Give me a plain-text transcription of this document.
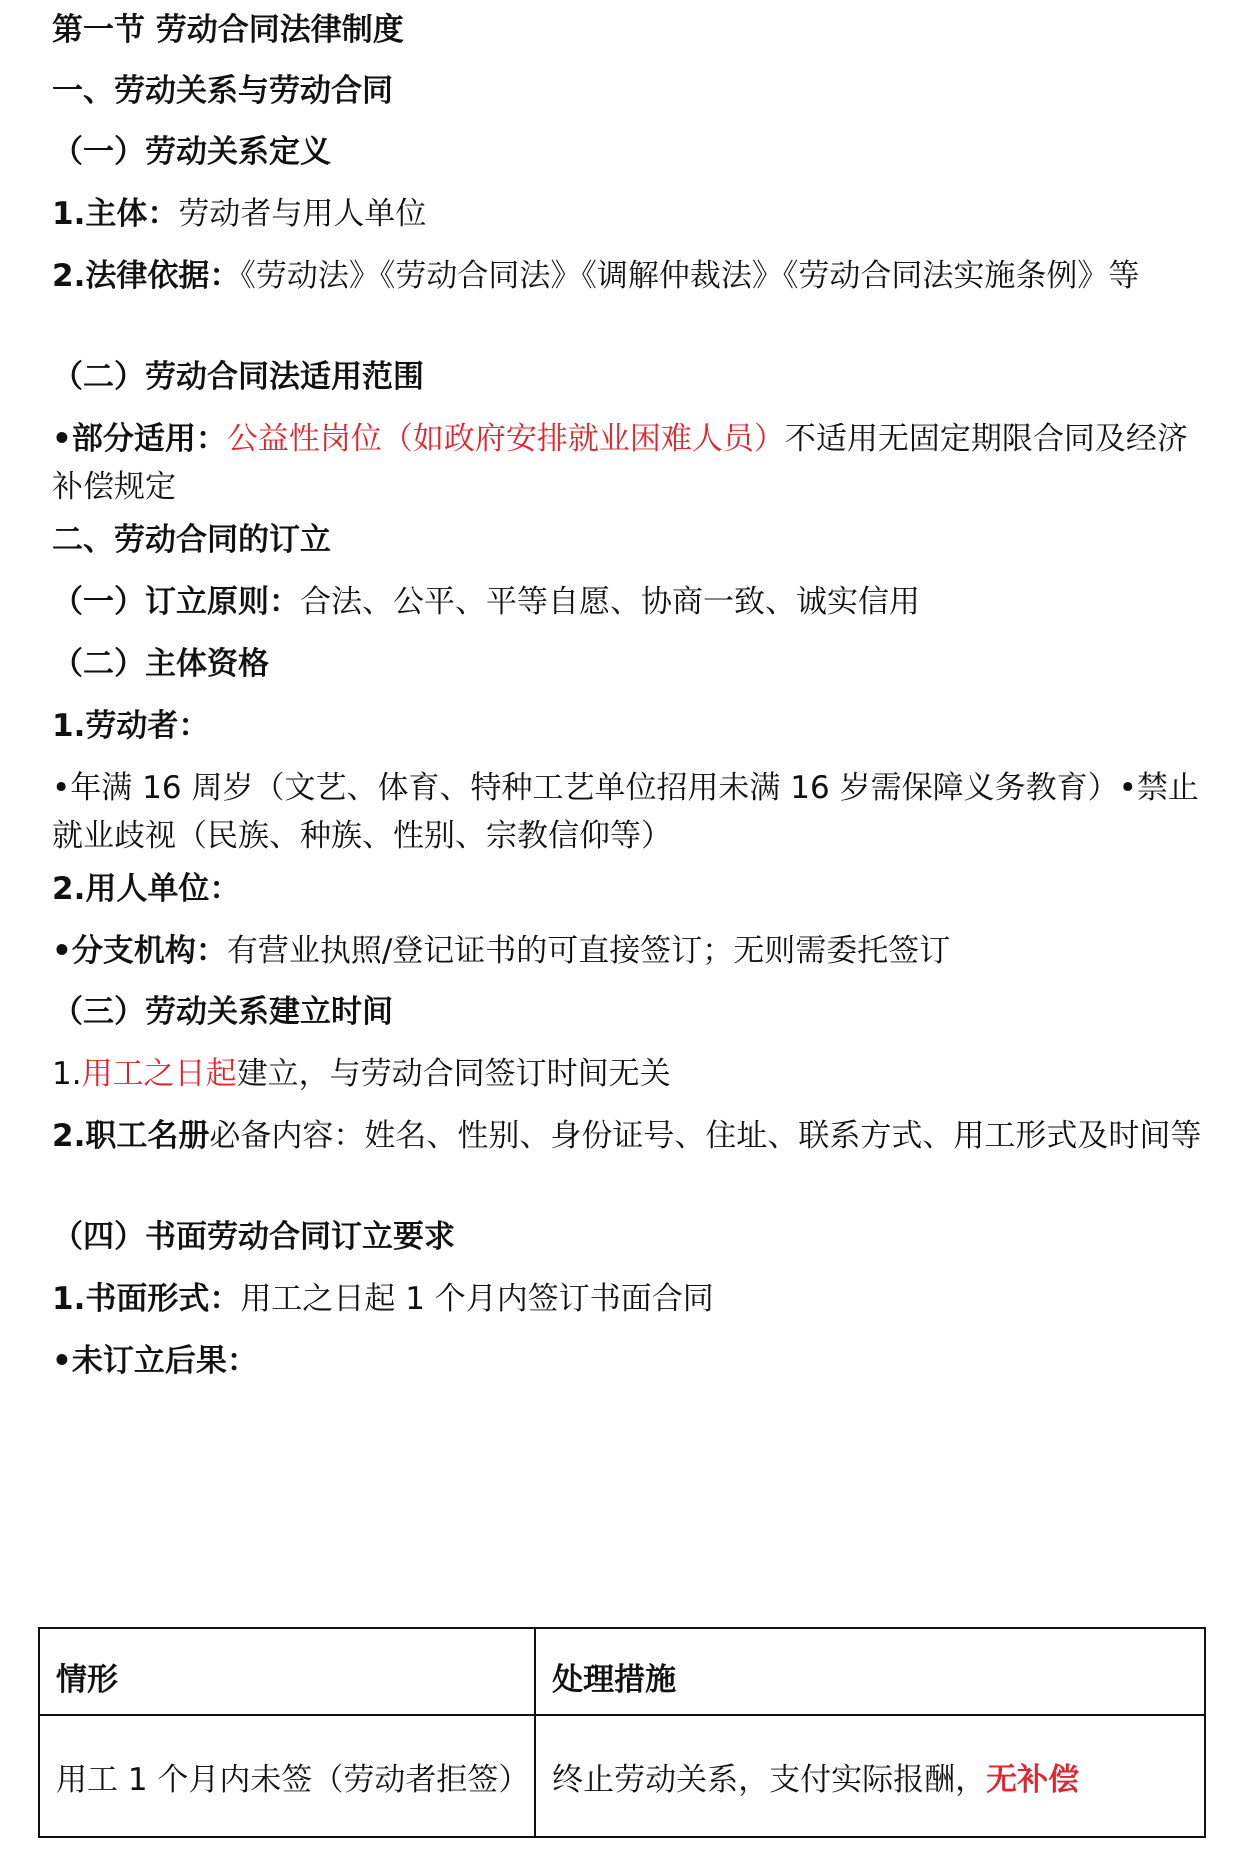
第一节 劳动合同法律制度
一、劳动关系与劳动合同
（一）劳动关系定义
1.主体：劳动者与用人单位
2.法律依据：《劳动法》《劳动合同法》《调解仲裁法》《劳动合同法实施条例》等
（二）劳动合同法适用范围
•部分适用：公益性岗位（如政府安排就业困难人员）不适用无固定期限合同及经济补偿规定
二、劳动合同的订立
（一）订立原则：合法、公平、平等自愿、协商一致、诚实信用
（二）主体资格
1.劳动者：
•年满 16 周岁（文艺、体育、特种工艺单位招用未满 16 岁需保障义务教育）•禁止就业歧视（民族、种族、性别、宗教信仰等）
2.用人单位：
•分支机构：有营业执照/登记证书的可直接签订；无则需委托签订
（三）劳动关系建立时间
1.用工之日起建立，与劳动合同签订时间无关
2.职工名册必备内容：姓名、性别、身份证号、住址、联系方式、用工形式及时间等
（四）书面劳动合同订立要求
1.书面形式：用工之日起 1 个月内签订书面合同
•未订立后果：
情形	处理措施
用工 1 个月内未签（劳动者拒签）	终止劳动关系，支付实际报酬，无补偿
